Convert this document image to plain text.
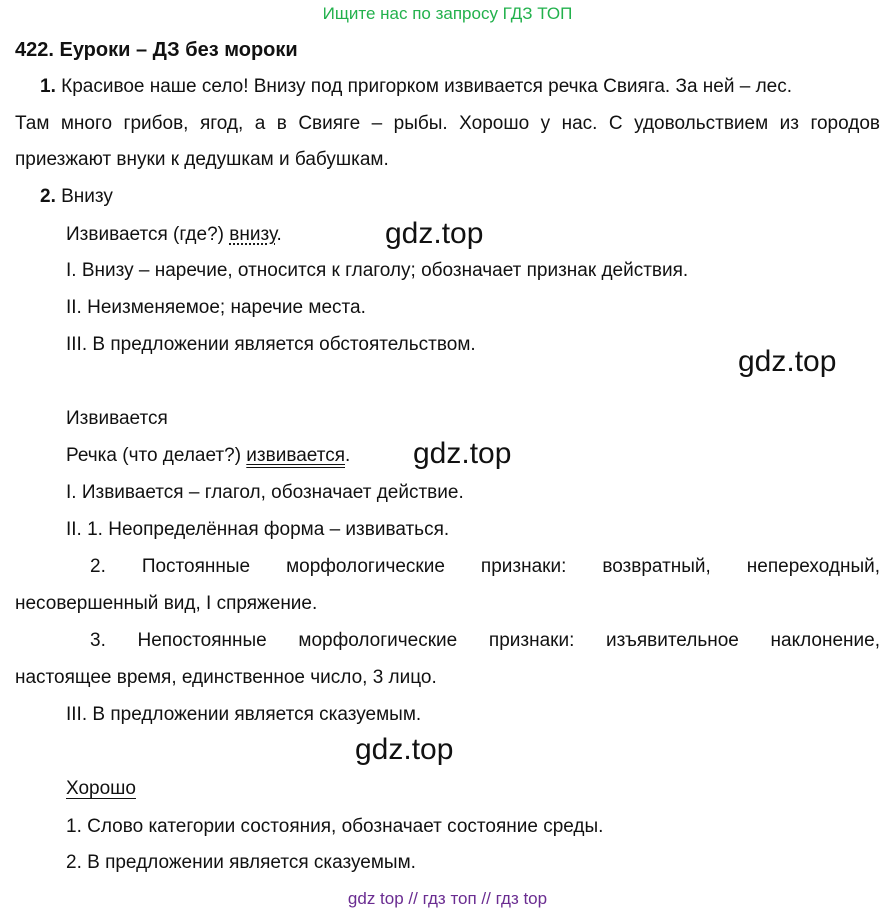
Ищите нас по запросу ГДЗ ТОП
422. Еуроки – ДЗ без мороки
1. Красивое наше село! Внизу под пригорком извивается речка Свияга. За ней – лес.
Там много грибов, ягод, а в Свияге – рыбы. Хорошо у нас. С удовольствием из городов
приезжают внуки к дедушкам и бабушкам.
2. Внизу
Извивается (где?) внизу.	gdz.top
I. Внизу – наречие, относится к глаголу; обозначает признак действия.
II. Неизменяемое; наречие места.
III. В предложении является обстоятельством.
gdz.top
Извивается
Речка (что делает?) извивается. gdz.top
I. Извивается – глагол, обозначает действие.
II. 1. Неопределённая форма – извиваться.
2. Постоянные морфологические признаки: возвратный, непереходный,
несовершенный вид, I спряжение.
3. Непостоянные морфологические признаки: изъявительное наклонение,
настоящее время, единственное число, 3 лицо.
III. В предложении является сказуемым.
gdz.top
Хорошо
1. Слово категории состояния, обозначает состояние среды.
2. В предложении является сказуемым.
gdz top // гдз топ // гдз top
